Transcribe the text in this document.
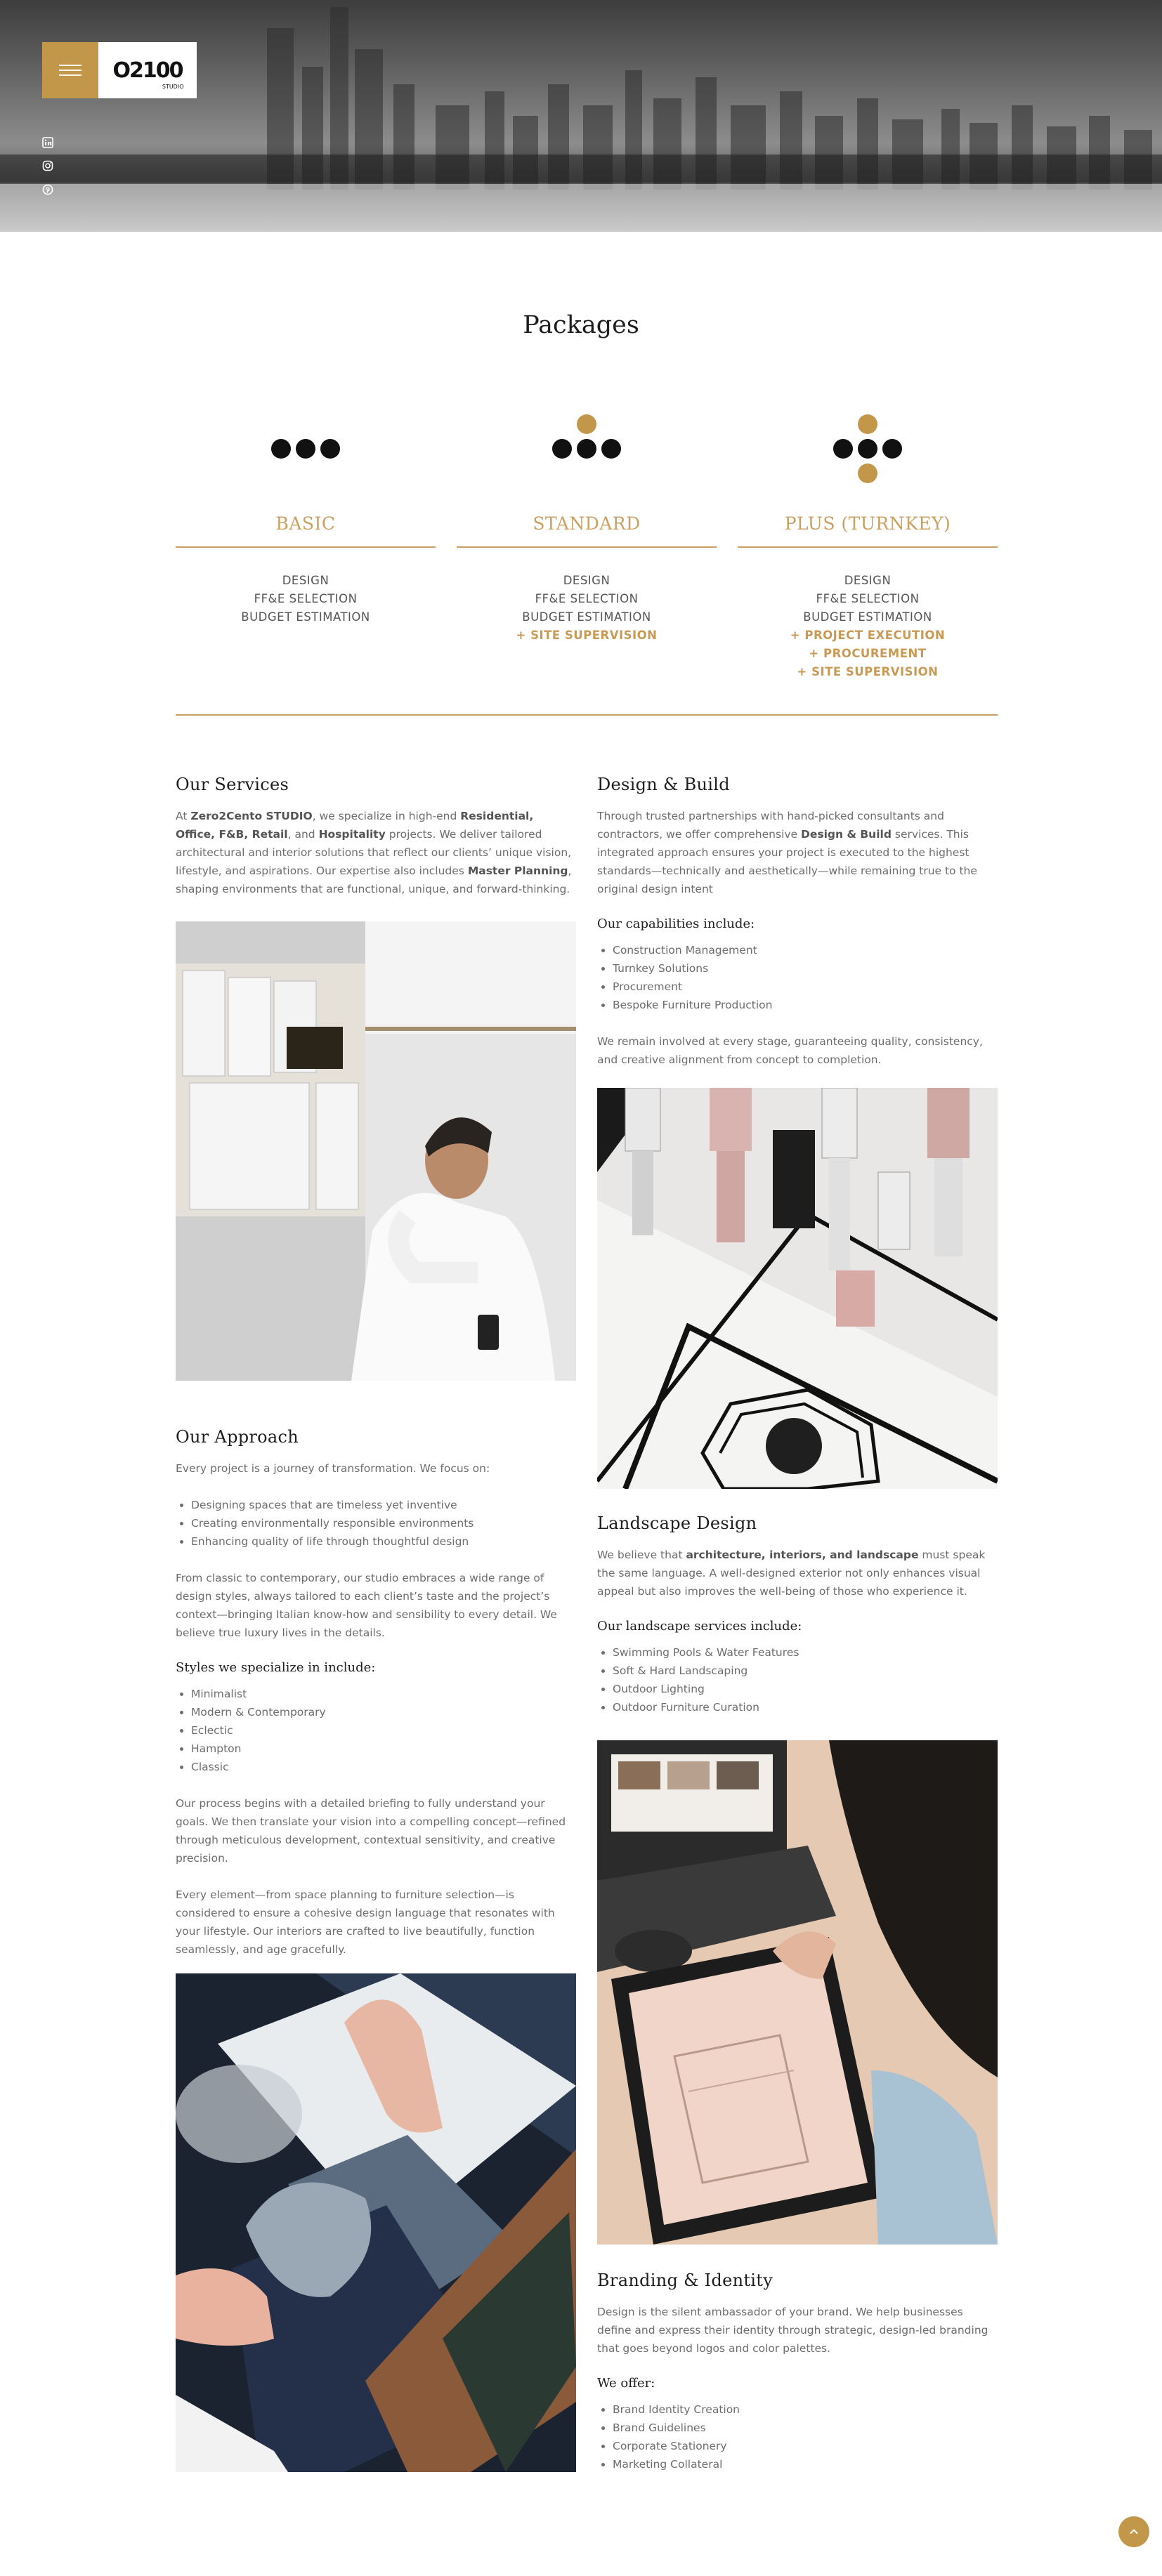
O2100
STUDIO
Packages
BASIC
DESIGN
FF&E SELECTION
BUDGET ESTIMATION
STANDARD
DESIGN
FF&E SELECTION
BUDGET ESTIMATION
+ SITE SUPERVISION
PLUS (TURNKEY)
DESIGN
FF&E SELECTION
BUDGET ESTIMATION
+ PROJECT EXECUTION
+ PROCUREMENT
+ SITE SUPERVISION
Our Services

At Zero2Cento STUDIO, we specialize in high-end Residential, Office, F&B, Retail, and Hospitality projects. We deliver tailored architectural and interior solutions that reflect our clients’ unique vision, lifestyle, and aspirations. Our expertise also includes Master Planning, shaping environments that are functional, unique, and forward-thinking.

Design & Build

Through trusted partnerships with hand-picked consultants and contractors, we offer comprehensive Design & Build services. This integrated approach ensures your project is executed to the highest standards—technically and aesthetically—while remaining true to the original design intent

Our capabilities include:
• Construction Management
• Turnkey Solutions
• Procurement
• Bespoke Furniture Production

We remain involved at every stage, guaranteeing quality, consistency, and creative alignment from concept to completion.

Our Approach

Every project is a journey of transformation. We focus on:

• Designing spaces that are timeless yet inventive
• Creating environmentally responsible environments
• Enhancing quality of life through thoughtful design

From classic to contemporary, our studio embraces a wide range of design styles, always tailored to each client’s taste and the project’s context—bringing Italian know-how and sensibility to every detail. We believe true luxury lives in the details.

Styles we specialize in include:
• Minimalist
• Modern & Contemporary
• Eclectic
• Hampton
• Classic

Our process begins with a detailed briefing to fully understand your goals. We then translate your vision into a compelling concept—refined through meticulous development, contextual sensitivity, and creative precision.

Every element—from space planning to furniture selection—is considered to ensure a cohesive design language that resonates with your lifestyle. Our interiors are crafted to live beautifully, function seamlessly, and age gracefully.

Landscape Design

We believe that architecture, interiors, and landscape must speak the same language. A well-designed exterior not only enhances visual appeal but also improves the well-being of those who experience it.

Our landscape services include:
• Swimming Pools & Water Features
• Soft & Hard Landscaping
• Outdoor Lighting
• Outdoor Furniture Curation
Branding & Identity

Design is the silent ambassador of your brand. We help businesses define and express their identity through strategic, design-led branding that goes beyond logos and color palettes.

We offer:
• Brand Identity Creation
• Brand Guidelines
• Corporate Stationery
• Marketing Collateral
